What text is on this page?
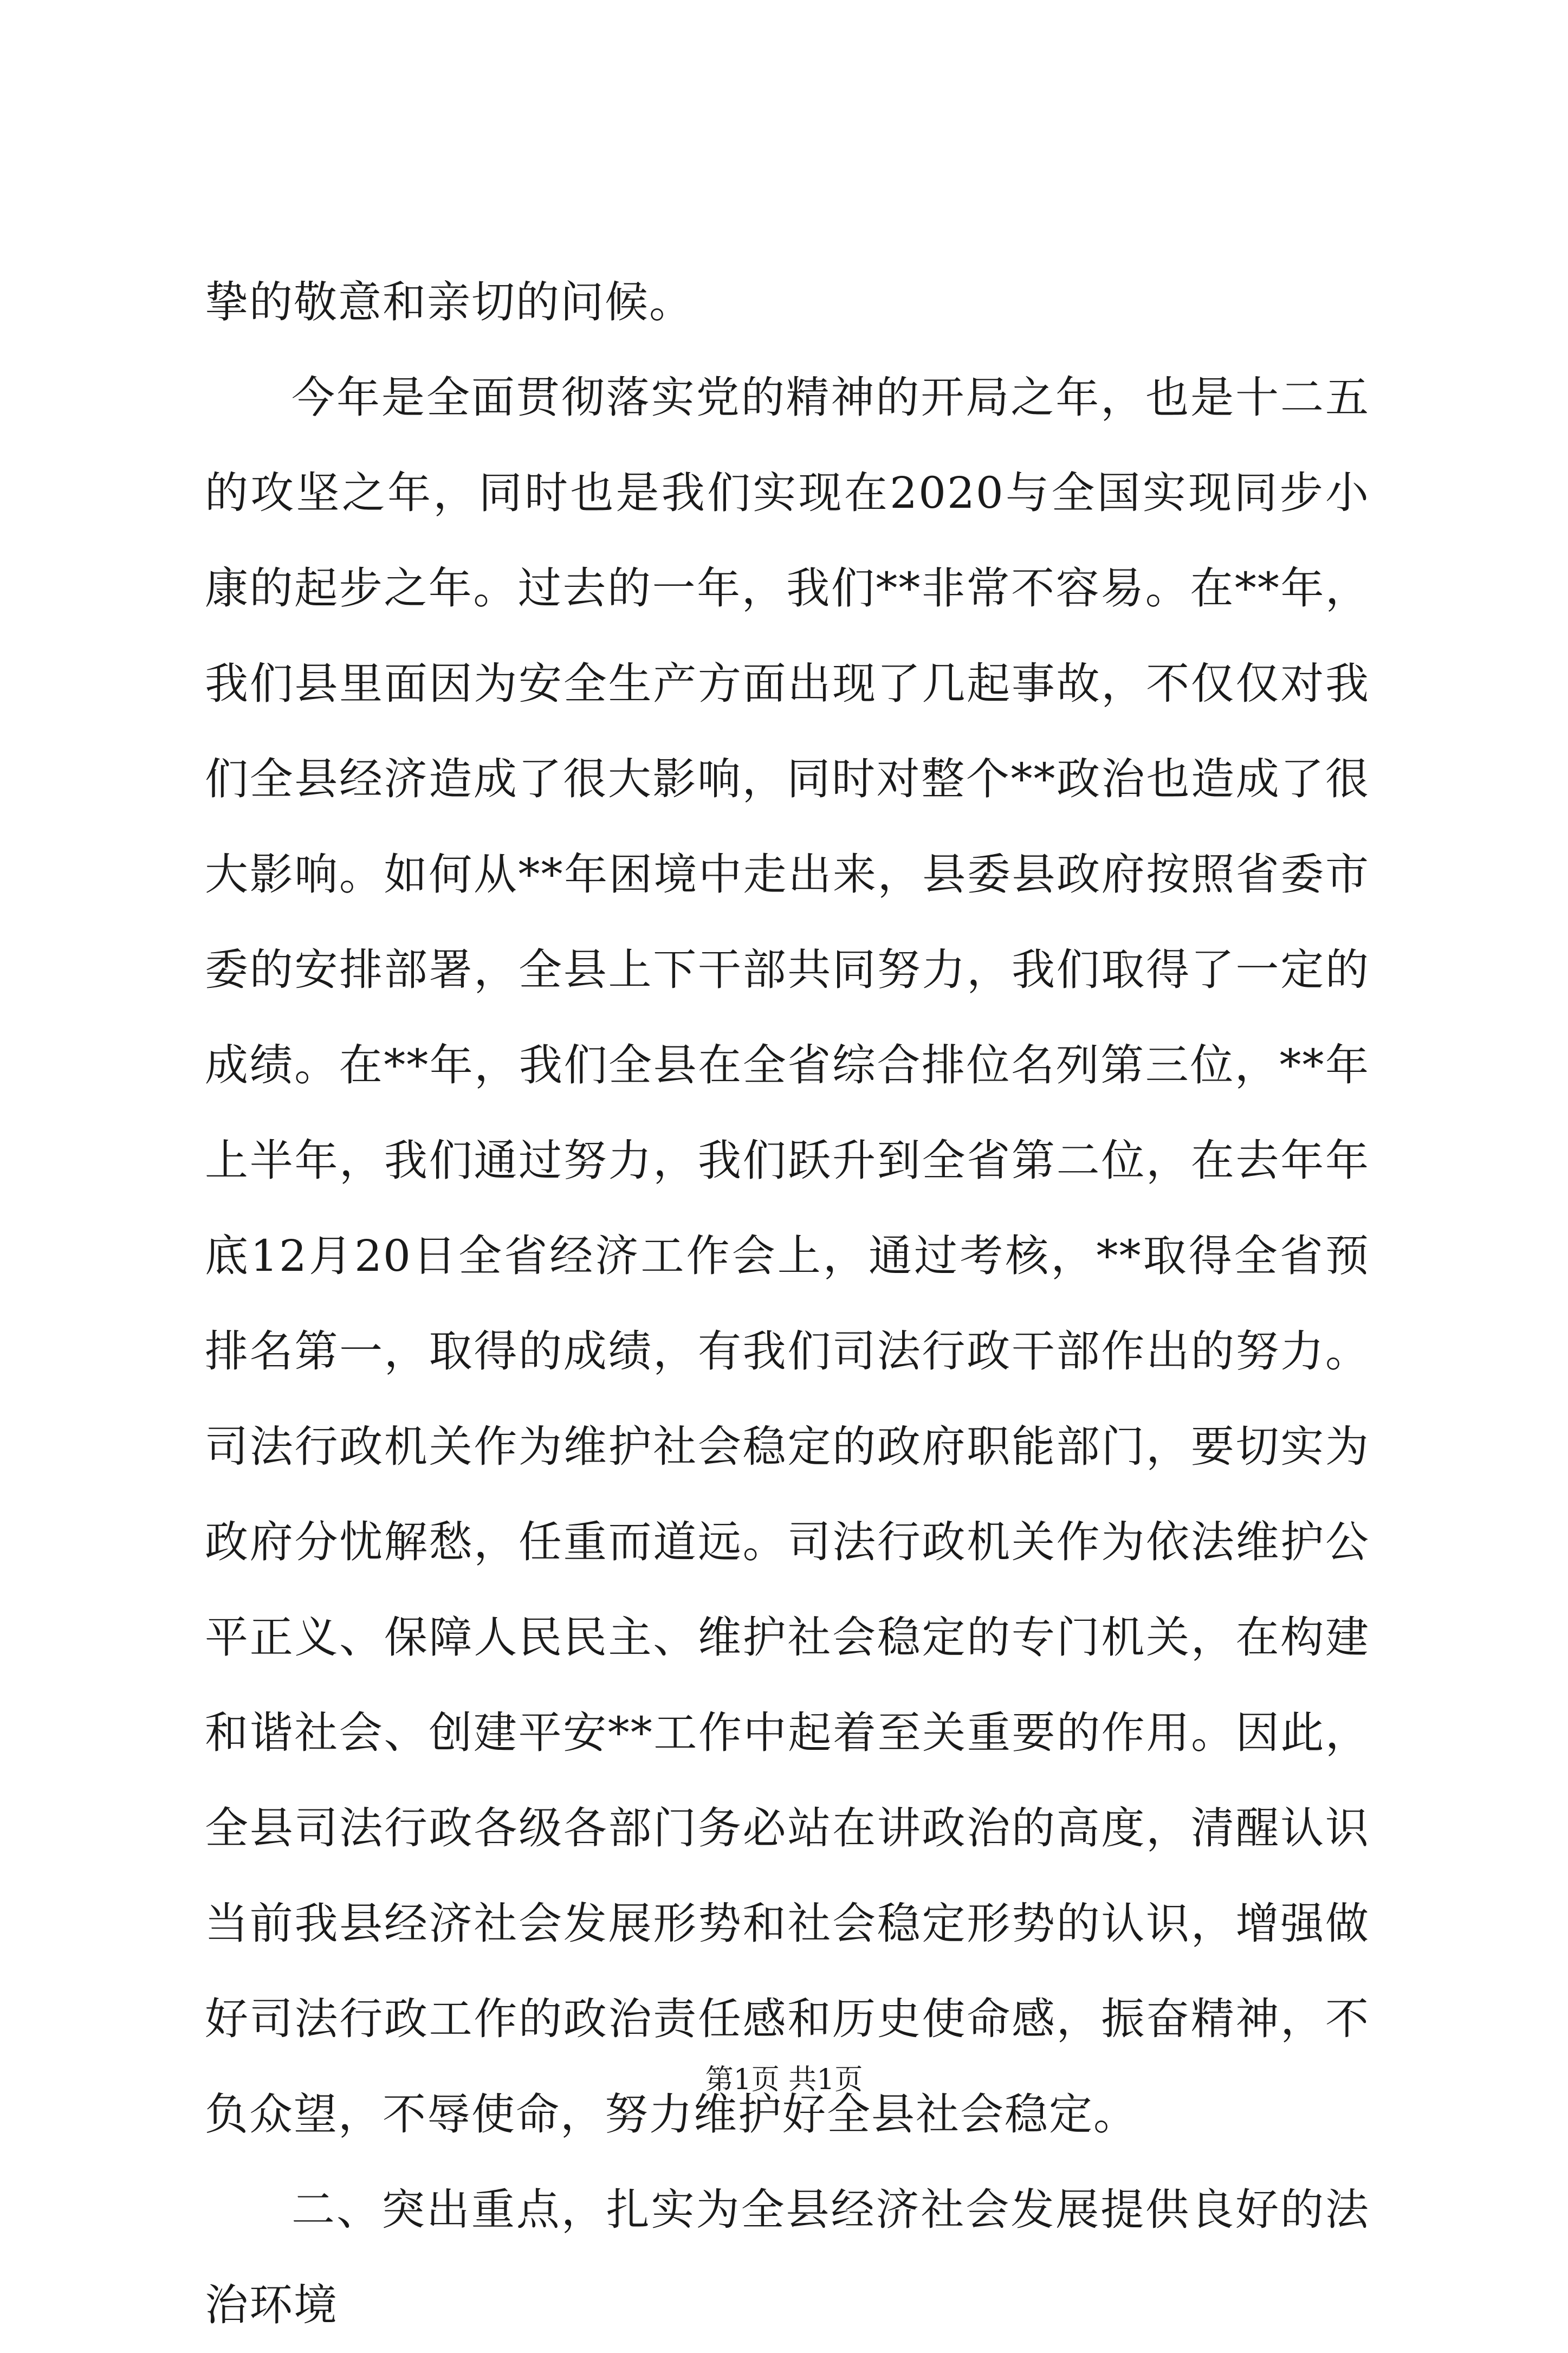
挚的敬意和亲切的问候。

今年是全面贯彻落实党的精神的开局之年，也是十二五的攻坚之年，同时也是我们实现在2020与全国实现同步小康的起步之年。过去的一年，我们**非常不容易。在**年，我们县里面因为安全生产方面出现了几起事故，不仅仅对我们全县经济造成了很大影响，同时对整个**政治也造成了很大影响。如何从**年困境中走出来，县委县政府按照省委市委的安排部署，全县上下干部共同努力，我们取得了一定的成绩。在**年，我们全县在全省综合排位名列第三位，**年上半年，我们通过努力，我们跃升到全省第二位，在去年年底12月20日全省经济工作会上，通过考核，**取得全省预排名第一，取得的成绩，有我们司法行政干部作出的努力。司法行政机关作为维护社会稳定的政府职能部门，要切实为政府分忧解愁，任重而道远。司法行政机关作为依法维护公平正义、保障人民民主、维护社会稳定的专门机关，在构建和谐社会、创建平安**工作中起着至关重要的作用。因此，全县司法行政各级各部门务必站在讲政治的高度，清醒认识当前我县经济社会发展形势和社会稳定形势的认识，增强做好司法行政工作的政治责任感和历史使命感，振奋精神，不负众望，不辱使命，努力维护好全县社会稳定。

二、突出重点，扎实为全县经济社会发展提供良好的法治环境

第1页 共1页
